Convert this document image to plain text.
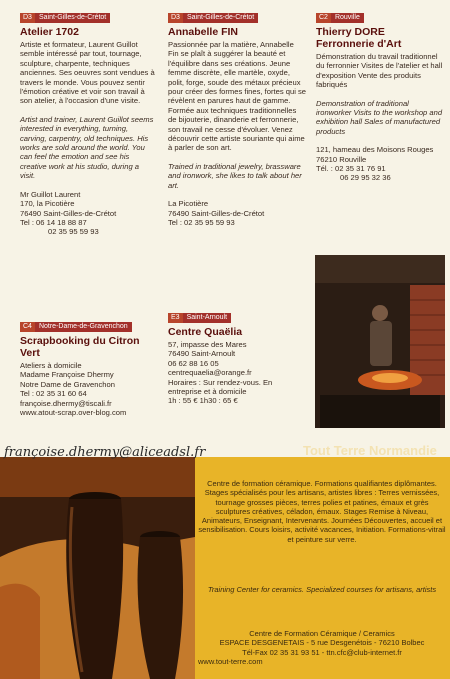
D3 Saint-Gilles-de-Crétot
Atelier 1702

Artiste et formateur, Laurent Guillot semble intéressé par tout, tournage, sculpture, charpente, techniques anciennes. Ses oeuvres sont vendues à travers le monde. Vous pouvez sentir l'émotion créative et voir son travail à son atelier, à l'occasion d'une visite.

Artist and trainer, Laurent Guillot seems interested in everything, turning, carving, carpentry, old techniques. His works are sold around the world. You can feel the emotion and see his creative work at his studio, during a visit.

Mr Guillot Laurent
170, la Picotière
76490 Saint-Gilles-de-Crétot
Tel : 06 14 18 88 87
02 35 95 59 93
D3 Saint-Gilles-de-Crétot
Annabelle FIN

Passionnée par la matière, Annabelle Fin se plaît à suggérer la beauté et l'équilibre dans ses créations. Jeune femme discrète, elle martèle, oxyde, polit, forge, soude des métaux précieux pour créer des formes fines, fortes qui se révèlent en parures haut de gamme. Formée aux techniques traditionnelles de bijouterie, dinanderie et ferronnerie, son travail ne cesse d'évoluer. Venez découvrir cette artiste souriante qui aime à parler de son art.

Trained in traditional jewelry, brassware and ironwork, she likes to talk about her art.

La Picotière
76490 Saint-Gilles-de-Crétot
Tel : 02 35 95 59 93
C2 Rouville
Thierry DORE
Ferronnerie d'Art

Démonstration du travail traditionnel du ferronnier Visites de l'atelier et hall d'exposition Vente des produits fabriqués

Demonstration of traditional ironworker Visits to the workshop and exhibition hall Sales of manufactured products

121, hameau des Moisons Rouges
76210 Rouville
Tél. : 02 35 31 76 91
06 29 95 32 36
C4 Notre-Dame-de-Gravenchon
Scrapbooking du Citron Vert
Ateliers à domicile
Madame Françoise Dhermy
Notre Dame de Gravenchon
Tel : 02 35 31 60 64
françoise.dhermy@tiscali.fr
www.atout-scrap.over-blog.com
E3 Saint-Arnoult
Centre Quaëlia
57, impasse des Mares
76490 Saint-Arnoult
06 62 88 16 05
centrequaelia@orange.fr
Horaires : Sur rendez-vous. En entreprise et à domicile
1h : 55 € 1h30 : 65 €
françoise.dhermy@aliceadsl.fr	Tout Terre Normandie
Centre de formation céramique. Formations qualifiantes diplômantes. Stages spécialisés pour les artisans, artistes libres : Terres vernissées, tournage grosses pièces, terres polies et patines, émaux et grès sculptures créatives, céladon, émaux. Stages Remise à Niveau, Animateurs, Enseignant, Intervenants. Journées Découvertes, accueil et sensibilisation. Cours loisirs, activité vacances, Initiation. Formations-vitrail et peinture sur verre.
Training Center for ceramics. Specialized courses for artisans, artists
Centre de Formation Céramique / Ceramics
ESPACE DESGENETAIS - 5 rue Desgenétois - 76210 Bolbec
Tél-Fax 02 35 31 93 51 - ttn.cfc@club-internet.fr
www.tout-terre.com
